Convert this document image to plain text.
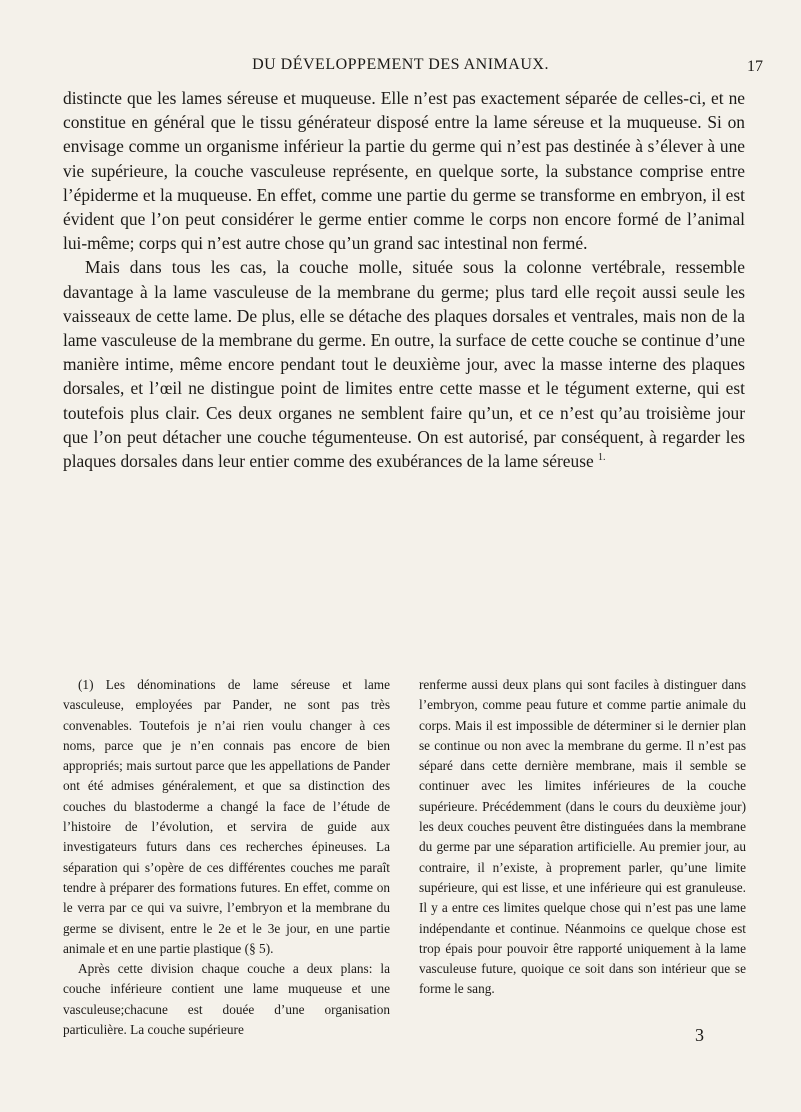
DU DÉVELOPPEMENT DES ANIMAUX.	17

distincte que les lames séreuse et muqueuse. Elle n’est pas exactement séparée de celles-ci, et ne constitue en général que le tissu générateur disposé entre la lame séreuse et la muqueuse. Si on envisage comme un organisme inférieur la partie du germe qui n’est pas destinée à s’élever à une vie supérieure, la couche vasculeuse représente, en quelque sorte, la substance comprise entre l’épiderme et la muqueuse. En effet, comme une partie du germe se transforme en embryon, il est évident que l’on peut considérer le germe entier comme le corps non encore formé de l’animal lui-même; corps qui n’est autre chose qu’un grand sac intestinal non fermé.

Mais dans tous les cas, la couche molle, située sous la colonne vertébrale, ressemble davantage à la lame vasculeuse de la membrane du germe; plus tard elle reçoit aussi seule les vaisseaux de cette lame. De plus, elle se détache des plaques dorsales et ventrales, mais non de la lame vasculeuse de la membrane du germe. En outre, la surface de cette couche se continue d’une manière intime, même encore pendant tout le deuxième jour, avec la masse interne des plaques dorsales, et l’œil ne distingue point de limites entre cette masse et le tégument externe, qui est toutefois plus clair. Ces deux organes ne semblent faire qu’un, et ce n’est qu’au troisième jour que l’on peut détacher une couche tégumenteuse. On est autorisé, par conséquent, à regarder les plaques dorsales dans leur entier comme des exubérances de la lame séreuse $^{1.}$

(1) Les dénominations de lame séreuse et lame vasculeuse, employées par Pander, ne sont pas très convenables. Toutefois je n’ai rien voulu changer à ces noms, parce que je n’en connais pas encore de bien appropriés; mais surtout parce que les appellations de Pander ont été admises généralement, et que sa distinction des couches du blastoderme a changé la face de l’étude de l’histoire de l’évolution, et servira de guide aux investigateurs futurs dans ces recherches épineuses. La séparation qui s’opère de ces différentes couches me paraît tendre à préparer des formations futures. En effet, comme on le verra par ce qui va suivre, l’embryon et la membrane du germe se divisent, entre le 2e et le 3e jour, en une partie animale et en une partie plastique (§ 5).

Après cette division chaque couche a deux plans: la couche inférieure contient une lame muqueuse et une vasculeuse;chacune est douée d’une organisation particulière. La couche supérieure

renferme aussi deux plans qui sont faciles à distinguer dans l’embryon, comme peau future et comme partie animale du corps. Mais il est impossible de déterminer si le dernier plan se continue ou non avec la membrane du germe. Il n’est pas séparé dans cette dernière membrane, mais il semble se continuer avec les limites inférieures de la couche supérieure. Précédemment (dans le cours du deuxième jour) les deux couches peuvent être distinguées dans la membrane du germe par une séparation artificielle. Au premier jour, au contraire, il n’existe, à proprement parler, qu’une limite supérieure, qui est lisse, et une inférieure qui est granuleuse. Il y a entre ces limites quelque chose qui n’est pas une lame indépendante et continue. Néanmoins ce quelque chose est trop épais pour pouvoir être rapporté uniquement à la lame vasculeuse future, quoique ce soit dans son intérieur que se forme le sang.

3
